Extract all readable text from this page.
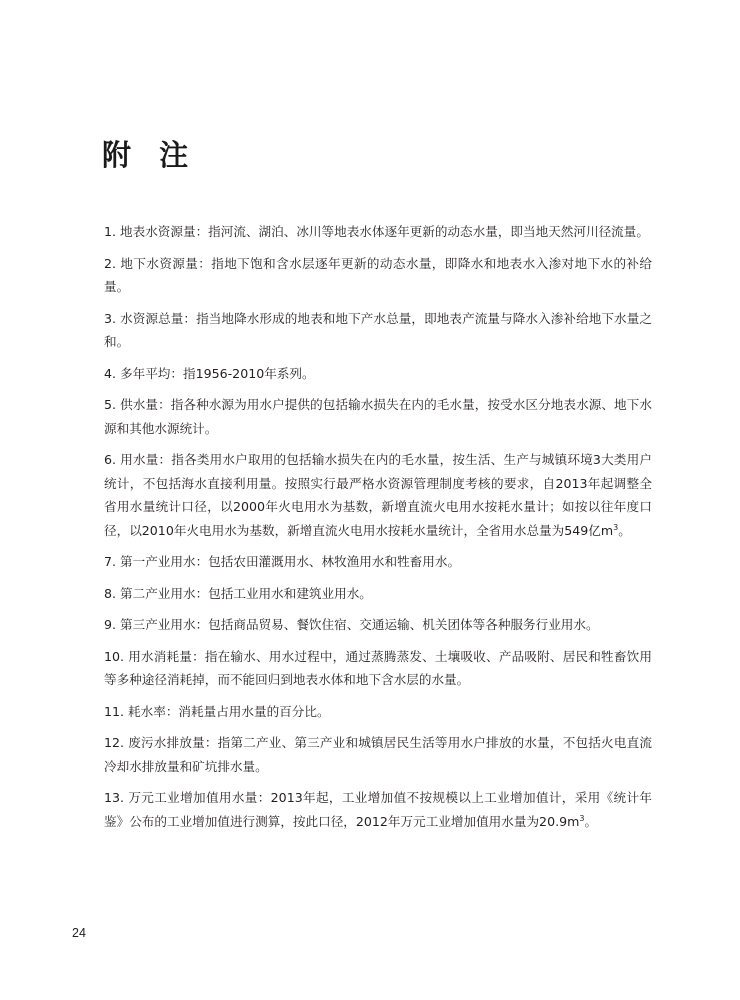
附 注
1. 地表水资源量：指河流、湖泊、冰川等地表水体逐年更新的动态水量，即当地天然河川径流量。
2. 地下水资源量：指地下饱和含水层逐年更新的动态水量，即降水和地表水入渗对地下水的补给量。
3. 水资源总量：指当地降水形成的地表和地下产水总量，即地表产流量与降水入渗补给地下水量之和。
4. 多年平均：指1956-2010年系列。
5. 供水量：指各种水源为用水户提供的包括输水损失在内的毛水量，按受水区分地表水源、地下水源和其他水源统计。
6. 用水量：指各类用水户取用的包括输水损失在内的毛水量，按生活、生产与城镇环境3大类用户统计，不包括海水直接利用量。按照实行最严格水资源管理制度考核的要求，自2013年起调整全省用水量统计口径，以2000年火电用水为基数，新增直流火电用水按耗水量计；如按以往年度口径，以2010年火电用水为基数，新增直流火电用水按耗水量统计，全省用水总量为549亿$m^3$。
7. 第一产业用水：包括农田灌溉用水、林牧渔用水和牲畜用水。
8. 第二产业用水：包括工业用水和建筑业用水。
9. 第三产业用水：包括商品贸易、餐饮住宿、交通运输、机关团体等各种服务行业用水。
10. 用水消耗量：指在输水、用水过程中，通过蒸腾蒸发、土壤吸收、产品吸附、居民和牲畜饮用等多种途径消耗掉，而不能回归到地表水体和地下含水层的水量。
11. 耗水率：消耗量占用水量的百分比。
12. 废污水排放量：指第二产业、第三产业和城镇居民生活等用水户排放的水量，不包括火电直流冷却水排放量和矿坑排水量。
13. 万元工业增加值用水量：2013年起，工业增加值不按规模以上工业增加值计，采用《统计年鉴》公布的工业增加值进行测算，按此口径，2012年万元工业增加值用水量为$20.9m^3$。
24
